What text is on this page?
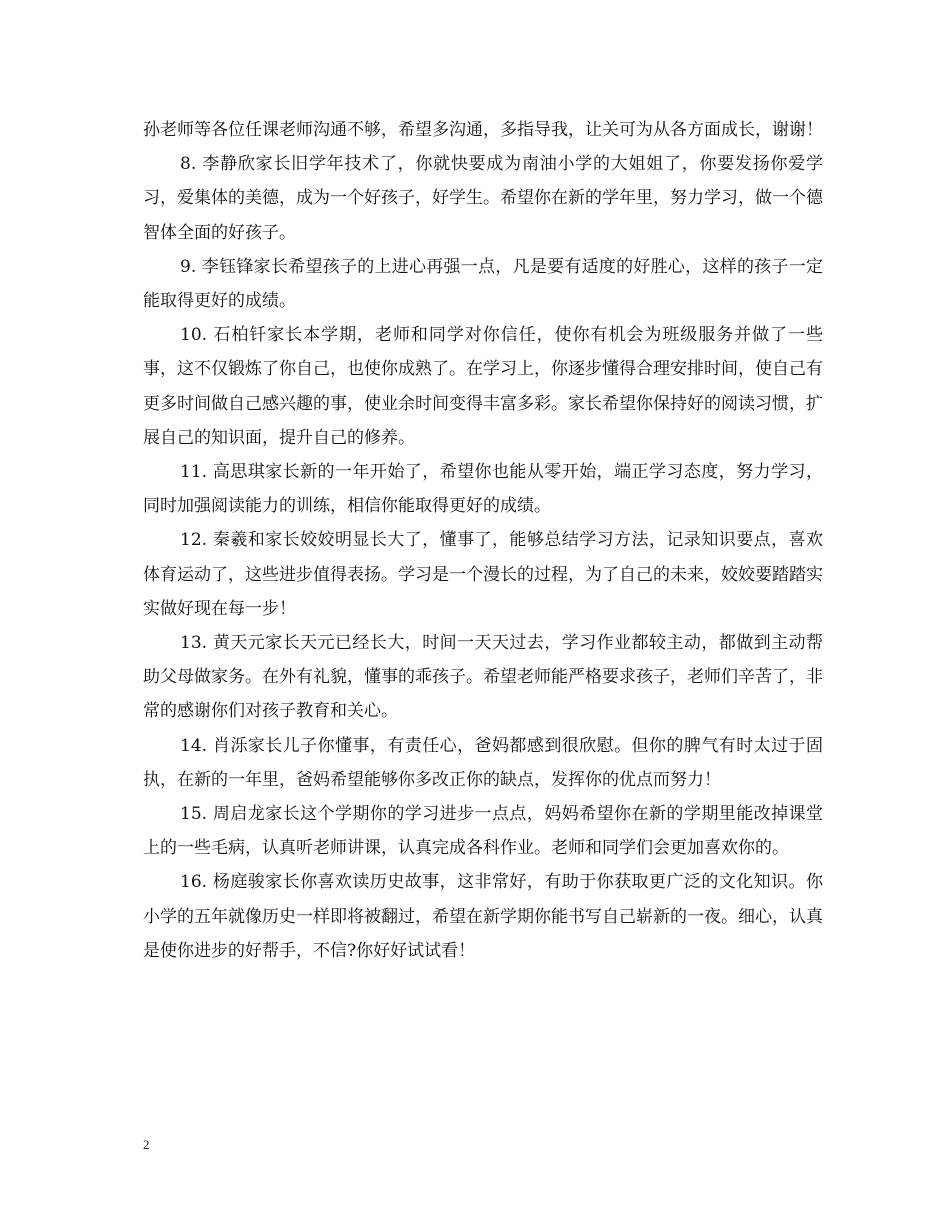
孙老师等各位任课老师沟通不够，希望多沟通，多指导我，让关可为从各方面成长，谢谢！

8. 李静欣家长旧学年技术了，你就快要成为南油小学的大姐姐了，你要发扬你爱学习，爱集体的美德，成为一个好孩子，好学生。希望你在新的学年里，努力学习，做一个德智体全面的好孩子。

9. 李钰锋家长希望孩子的上进心再强一点，凡是要有适度的好胜心，这样的孩子一定能取得更好的成绩。

10. 石柏钎家长本学期，老师和同学对你信任，使你有机会为班级服务并做了一些事，这不仅锻炼了你自己，也使你成熟了。在学习上，你逐步懂得合理安排时间，使自己有更多时间做自己感兴趣的事，使业余时间变得丰富多彩。家长希望你保持好的阅读习惯，扩展自己的知识面，提升自己的修养。

11. 高思琪家长新的一年开始了，希望你也能从零开始，端正学习态度，努力学习，同时加强阅读能力的训练，相信你能取得更好的成绩。

12. 秦羲和家长姣姣明显长大了，懂事了，能够总结学习方法，记录知识要点，喜欢体育运动了，这些进步值得表扬。学习是一个漫长的过程，为了自己的未来，姣姣要踏踏实实做好现在每一步！

13. 黄天元家长天元已经长大，时间一天天过去，学习作业都较主动，都做到主动帮助父母做家务。在外有礼貌，懂事的乖孩子。希望老师能严格要求孩子，老师们辛苦了，非常的感谢你们对孩子教育和关心。

14. 肖泺家长儿子你懂事，有责任心，爸妈都感到很欣慰。但你的脾气有时太过于固执，在新的一年里，爸妈希望能够你多改正你的缺点，发挥你的优点而努力！

15. 周启龙家长这个学期你的学习进步一点点，妈妈希望你在新的学期里能改掉课堂上的一些毛病，认真听老师讲课，认真完成各科作业。老师和同学们会更加喜欢你的。

16. 杨庭骏家长你喜欢读历史故事，这非常好，有助于你获取更广泛的文化知识。你小学的五年就像历史一样即将被翻过，希望在新学期你能书写自己崭新的一夜。细心，认真是使你进步的好帮手，不信?你好好试试看！

2
